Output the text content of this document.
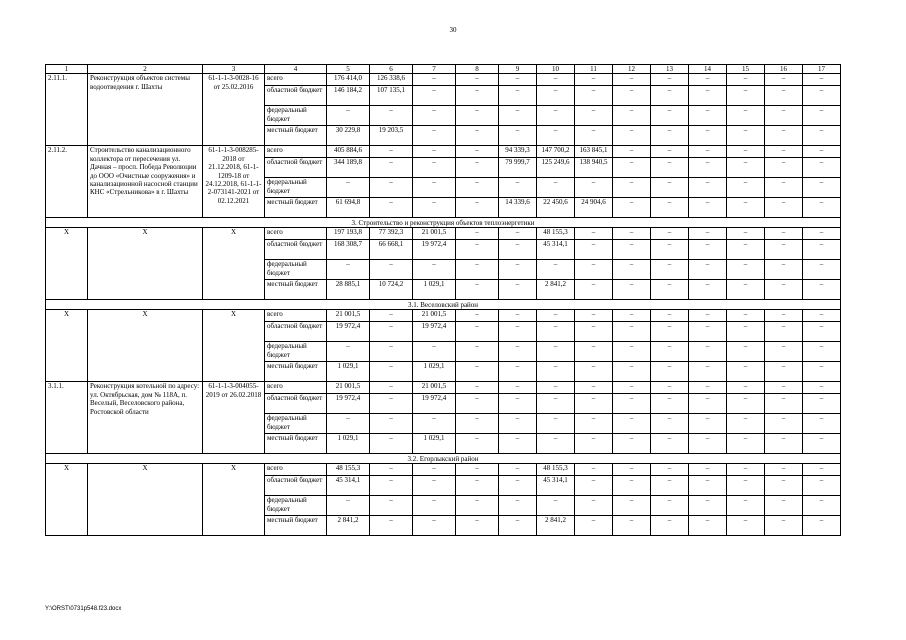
30
1	2	3	4	5	6	7	8	9	10	11	12	13	14	15	16	17
2.11.1.	Реконструкция объектов системы водоотведения г. Шахты	61-1-1-3-0028-16 от 25.02.2016	всего	176 414,0	126 338,6	–	–	–	–	–	–	–	–	–	–	–
			областной бюджет	146 184,2	107 135,1	–	–	–	–	–	–	–	–	–	–	–
			федеральный бюджет	–	–	–	–	–	–	–	–	–	–	–	–	–
			местный бюджет	30 229,8	19 203,5	–	–	–	–	–	–	–	–	–	–	–
2.11.2.	Строительство канализационного коллектора от пересечения ул. Дачная – просп. Победа Революции до ООО «Очистные сооружения» и канализационной насосной станции КНС «Стрельникова» в г. Шахты	61-1-1-3-008285-2018 от 21.12.2018, 61-1-1209-18 от 24.12.2018, 61-1-1-2-073141-2021 от 02.12.2021	всего	405 884,6	–	–	–	94 339,3	147 700,2	163 845,1	–	–	–	–	–	–
			областной бюджет	344 189,8	–	–	–	79 999,7	125 249,6	138 940,5	–	–	–	–	–	–
			федеральный бюджет	–	–	–	–	–	–	–	–	–	–	–	–	–
			местный бюджет	61 694,8	–	–	–	14 339,6	22 450,6	24 904,6	–	–	–	–	–	–
3. Строительство и реконструкция объектов теплоэнергетики																
Х	Х	Х	всего	197 193,8	77 392,3	21 001,5	–	–	48 155,3	–	–	–	–	–	–	–
			областной бюджет	168 308,7	66 668,1	19 972,4	–	–	45 314,1	–	–	–	–	–	–	–
			федеральный бюджет	–	–	–	–	–	–	–	–	–	–	–	–	–
			местный бюджет	28 885,1	10 724,2	1 029,1	–	–	2 841,2	–	–	–	–	–	–	–
3.1. Веселовский район																
Х	Х	Х	всего	21 001,5	–	21 001,5	–	–	–	–	–	–	–	–	–	–
			областной бюджет	19 972,4	–	19 972,4	–	–	–	–	–	–	–	–	–	–
			федеральный бюджет	–	–	–	–	–	–	–	–	–	–	–	–	–
			местный бюджет	1 029,1	–	1 029,1	–	–	–	–	–	–	–	–	–	–
3.1.1.	Реконструкция котельной по адресу: ул. Октябрьская, дом № 118А, п. Веселый, Веселовского района, Ростовской области	61-1-1-3-004055-2019 от 26.02.2018	всего	21 001,5	–	21 001,5	–	–	–	–	–	–	–	–	–	–
			областной бюджет	19 972,4	–	19 972,4	–	–	–	–	–	–	–	–	–	–
			федеральный бюджет	–	–	–	–	–	–	–	–	–	–	–	–	–
			местный бюджет	1 029,1	–	1 029,1	–	–	–	–	–	–	–	–	–	–
3.2. Егорлыкский район																
Х	Х	Х	всего	48 155,3	–	–	–	–	48 155,3	–	–	–	–	–	–	–
			областной бюджет	45 314,1	–	–	–	–	45 314,1	–	–	–	–	–	–	–
			федеральный бюджет	–	–	–	–	–	–	–	–	–	–	–	–	–
			местный бюджет	2 841,2	–	–	–	–	2 841,2	–	–	–	–	–	–	–
Y:\ORST\0731p548.f23.docx
